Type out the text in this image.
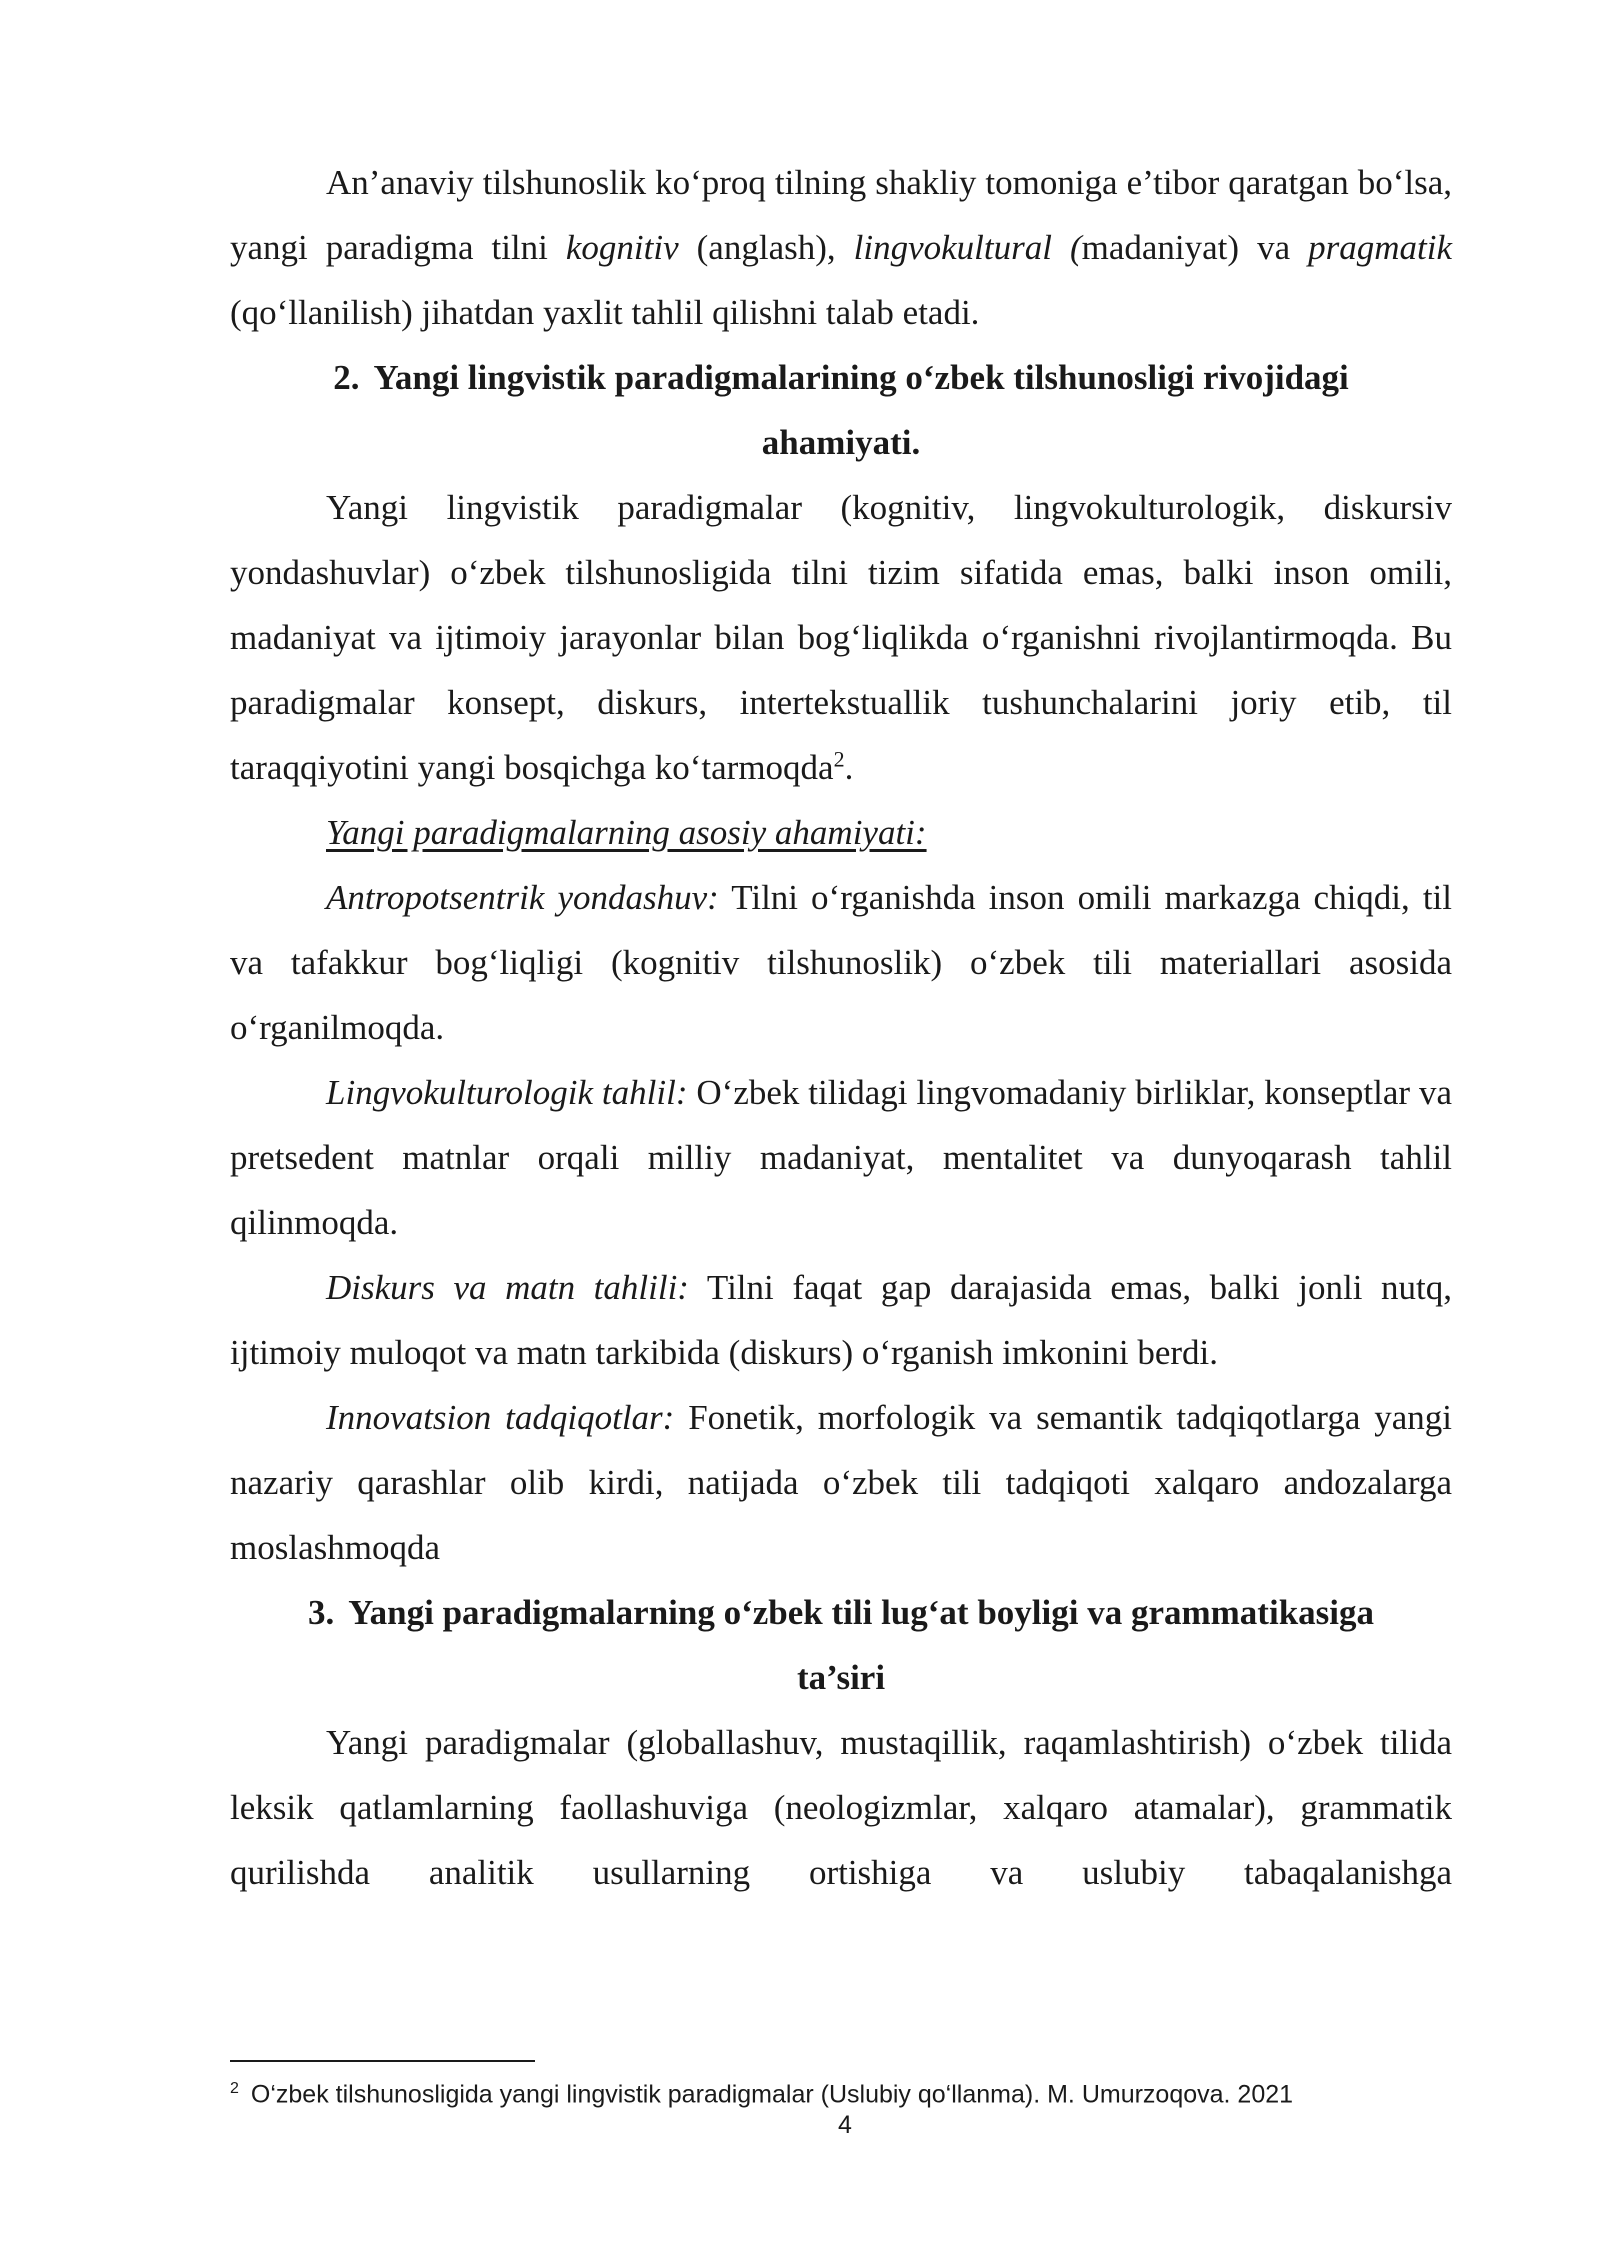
An’anaviy tilshunoslik ko‘proq tilning shakliy tomoniga e’tibor qaratgan bo‘lsa, yangi paradigma tilni kognitiv (anglash), lingvokultural (madaniyat) va pragmatik (qo‘llanilish) jihatdan yaxlit tahlil qilishni talab etadi.

2. Yangi lingvistik paradigmalarining o‘zbek tilshunosligi rivojidagi
ahamiyati.

Yangi lingvistik paradigmalar (kognitiv, lingvokulturologik, diskursiv yondashuvlar) o‘zbek tilshunosligida tilni tizim sifatida emas, balki inson omili, madaniyat va ijtimoiy jarayonlar bilan bog‘liqlikda o‘rganishni rivojlantirmoqda. Bu paradigmalar konsept, diskurs, intertekstuallik tushunchalarini joriy etib, til taraqqiyotini yangi bosqichga ko‘tarmoqda$^2$.

Yangi paradigmalarning asosiy ahamiyati:

Antropotsentrik yondashuv: Tilni o‘rganishda inson omili markazga chiqdi, til va tafakkur bog‘liqligi (kognitiv tilshunoslik) o‘zbek tili materiallari asosida o‘rganilmoqda.

Lingvokulturologik tahlil: O‘zbek tilidagi lingvomadaniy birliklar, konseptlar va pretsedent matnlar orqali milliy madaniyat, mentalitet va dunyoqarash tahlil qilinmoqda.

Diskurs va matn tahlili: Tilni faqat gap darajasida emas, balki jonli nutq, ijtimoiy muloqot va matn tarkibida (diskurs) o‘rganish imkonini berdi.

Innovatsion tadqiqotlar: Fonetik, morfologik va semantik tadqiqotlarga yangi nazariy qarashlar olib kirdi, natijada o‘zbek tili tadqiqoti xalqaro andozalarga moslashmoqda

3. Yangi paradigmalarning o‘zbek tili lug‘at boyligi va grammatikasiga
ta’siri

Yangi paradigmalar (globallashuv, mustaqillik, raqamlashtirish) o‘zbek tilida leksik qatlamlarning faollashuviga (neologizmlar, xalqaro atamalar), grammatik qurilishda analitik usullarning ortishiga va uslubiy tabaqalanishga

$^2$ O‘zbek tilshunosligida yangi lingvistik paradigmalar (Uslubiy qo‘llanma). M. Umurzoqova. 2021
4
